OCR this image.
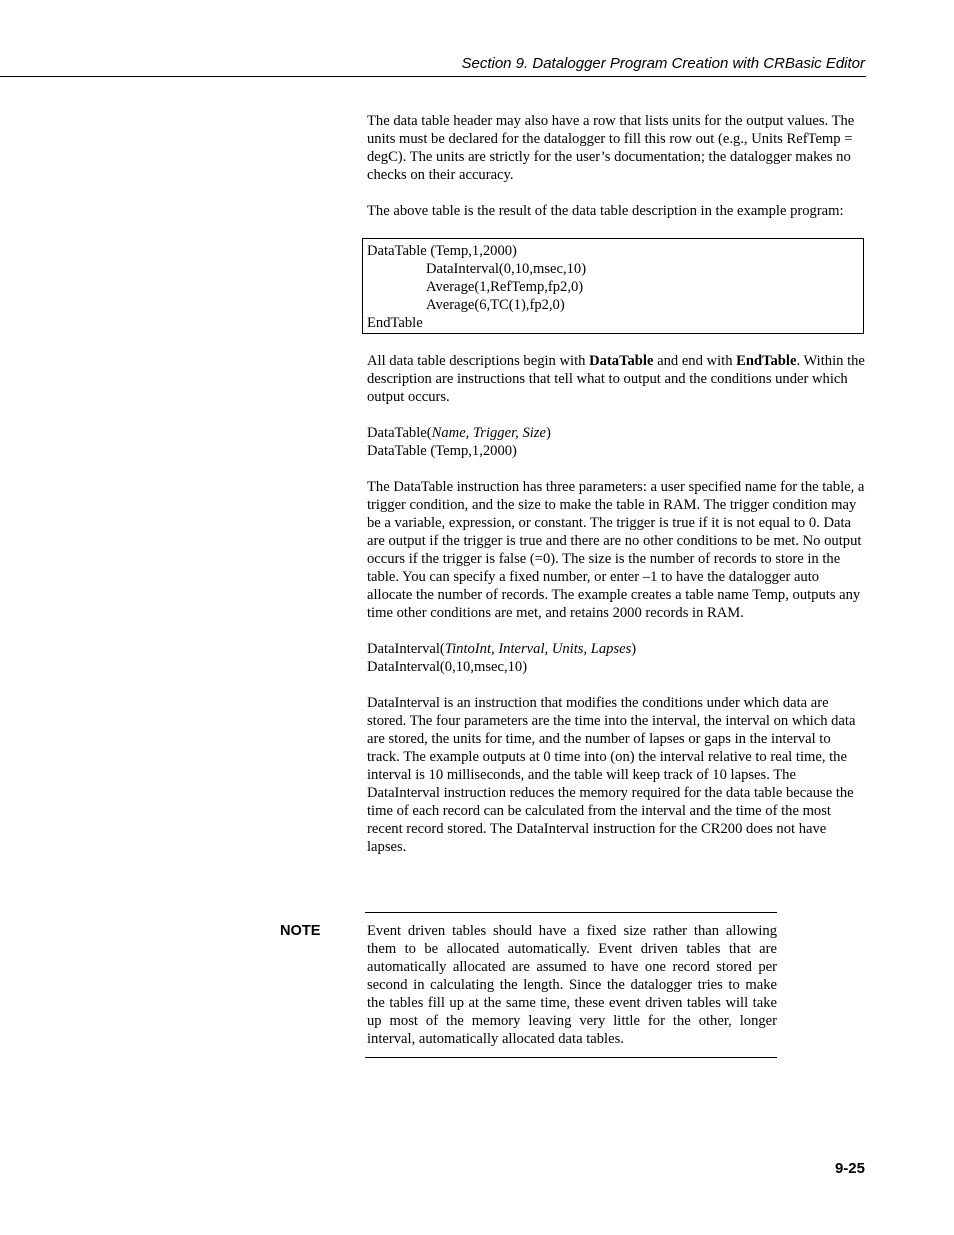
Section 9. Datalogger Program Creation with CRBasic Editor

The data table header may also have a row that lists units for the output values. The units must be declared for the datalogger to fill this row out (e.g., Units RefTemp = degC). The units are strictly for the user’s documentation; the datalogger makes no checks on their accuracy.

The above table is the result of the data table description in the example program:

DataTable (Temp,1,2000)
DataInterval(0,10,msec,10)
Average(1,RefTemp,fp2,0)
Average(6,TC(1),fp2,0)
EndTable

All data table descriptions begin with DataTable and end with EndTable. Within the description are instructions that tell what to output and the conditions under which output occurs.

DataTable(Name, Trigger, Size)
DataTable (Temp,1,2000)

The DataTable instruction has three parameters: a user specified name for the table, a trigger condition, and the size to make the table in RAM. The trigger condition may be a variable, expression, or constant. The trigger is true if it is not equal to 0. Data are output if the trigger is true and there are no other conditions to be met. No output occurs if the trigger is false (=0). The size is the number of records to store in the table. You can specify a fixed number, or enter –1 to have the datalogger auto allocate the number of records. The example creates a table name Temp, outputs any time other conditions are met, and retains 2000 records in RAM.

DataInterval(TintoInt, Interval, Units, Lapses)
DataInterval(0,10,msec,10)

DataInterval is an instruction that modifies the conditions under which data are stored. The four parameters are the time into the interval, the interval on which data are stored, the units for time, and the number of lapses or gaps in the interval to track. The example outputs at 0 time into (on) the interval relative to real time, the interval is 10 milliseconds, and the table will keep track of 10 lapses. The DataInterval instruction reduces the memory required for the data table because the time of each record can be calculated from the interval and the time of the most recent record stored. The DataInterval instruction for the CR200 does not have lapses.

NOTE	Event driven tables should have a fixed size rather than allowing them to be allocated automatically. Event driven tables that are automatically allocated are assumed to have one record stored per second in calculating the length. Since the datalogger tries to make the tables fill up at the same time, these event driven tables will take up most of the memory leaving very little for the other, longer interval, automatically allocated data tables.
9-25
